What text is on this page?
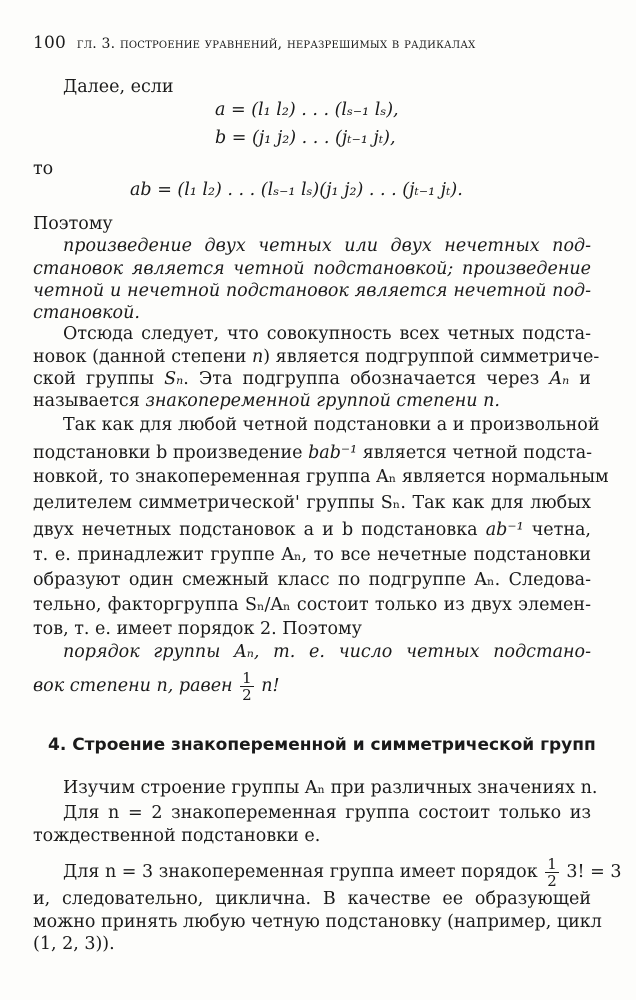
100 гл. 3. построение уравнений, неразрешимых в радикалах
Далее, если
a = (l₁ l₂) . . . (lₛ₋₁ lₛ),
b = (j₁ j₂) . . . (jₜ₋₁ jₜ),
то
ab = (l₁ l₂) . . . (lₛ₋₁ lₛ)(j₁ j₂) . . . (jₜ₋₁ jₜ).
Поэтому
произведение двух четных или двух нечетных под-
становок является четной подстановкой; произведение
четной и нечетной подстановок является нечетной под-
становкой.
Отсюда следует, что совокупность всех четных подста-
новок (данной степени n) является подгруппой симметриче-
ской группы Sₙ. Эта подгруппа обозначается через Aₙ и
называется знакопеременной группой степени n.
Так как для любой четной подстановки a и произвольной
подстановки b произведение bab⁻¹ является четной подста-
новкой, то знакопеременная группа Aₙ является нормальным
делителем симметрической' группы Sₙ. Так как для любых
двух нечетных подстановок a и b подстановка ab⁻¹ четна,
т. е. принадлежит группе Aₙ, то все нечетные подстановки
образуют один смежный класс по подгруппе Aₙ. Следова-
тельно, факторгруппа Sₙ/Aₙ состоит только из двух элемен-
тов, т. е. имеет порядок 2. Поэтому
порядок группы Aₙ, т. е. число четных подстано-
вок степени n, равен $\frac{1}{2} n$!
4. Строение знакопеременной и симметрической групп
Изучим строение группы Aₙ при различных значениях n.
Для n = 2 знакопеременная группа состоит только из
тождественной подстановки e.
Для n = 3 знакопеременная группа имеет порядок $\frac{1}{2} 3$! = 3
и, следовательно, циклична. В качестве ее образующей
можно принять любую четную подстановку (например, цикл
(1, 2, 3)).
